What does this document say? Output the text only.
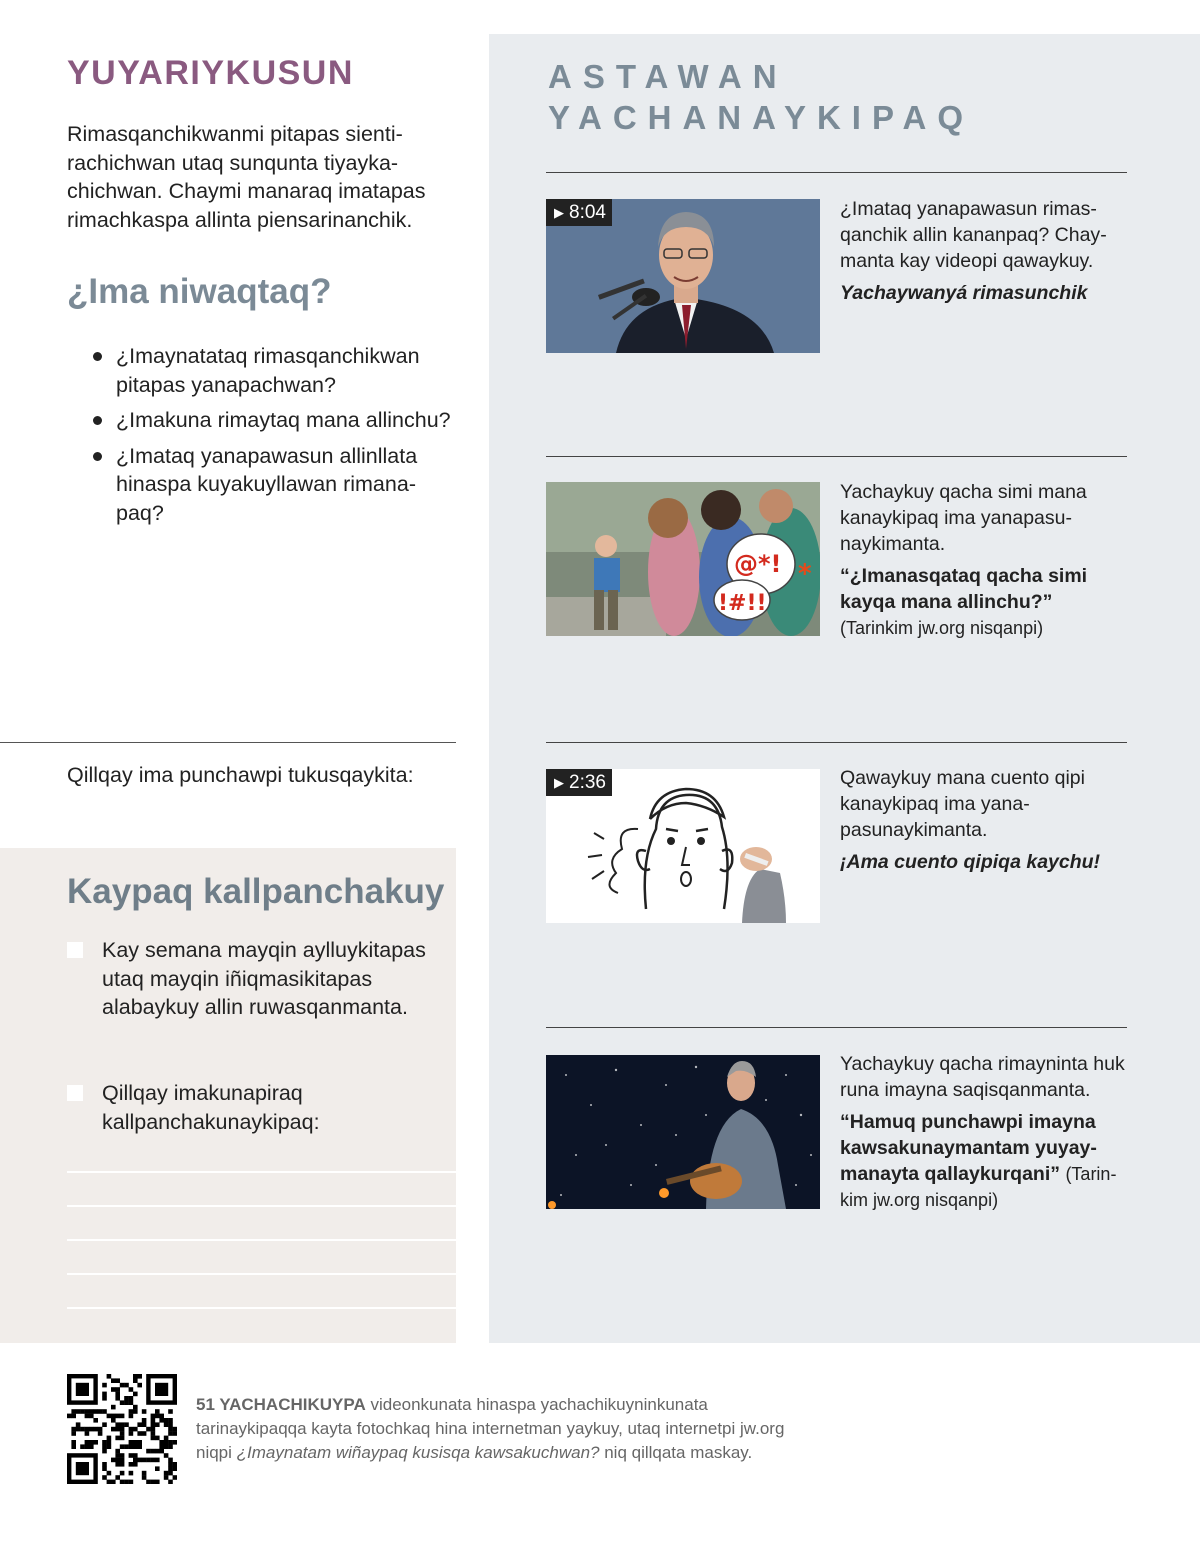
YUYARIYKUSUN

Rimasqanchikwanmi pitapas sientirachichwan utaq sunqunta tiyaykachichwan. Chaymi manaraq imatapas rimachkaspa allinta piensarinanchik.

¿Ima niwaqtaq?
¿Imaynatataq rimasqanchikwan pitapas yanapachwan?
¿Imakuna rimaytaq mana allinchu?
¿Imataq yanapawasun allinllata hinaspa kuyakuyllawan rimanapaq?
Qillqay ima punchawpi tukusqaykita:
Kaypaq kallpanchakuy
Kay semana mayqin aylluykitapas utaq mayqin iñiqmasikitapas alabaykuy allin ruwasqanmanta.
Qillqay imakunapiraq kallpanchakunaykipaq:
ASTAWAN
YACHANAYKIPAQ
▶ 8:04	¿Imataq yanapawasun rimasqanchik allin kananpaq? Chaymanta kay videopi qawaykuy.

Yachaywanyá rimasunchik

@*!
!#!!
*

Yachaykuy qacha simi mana kanaykipaq ima yanapasunaykimanta.

“¿Imanasqataq qacha simi kayqa mana allinchu?”
(Tarinkim jw.org nisqanpi)

▶ 2:36	Qawaykuy mana cuento qipi kanaykipaq ima yanapasunaykimanta.

¡Ama cuento qipiqa kaychu!

Yachaykuy qacha rimayninta huk runa imayna saqisqanmanta.

“Hamuq punchawpi imayna kawsakunaymantam yuyaymanayta qallaykurqani” (Tarinkim jw.org nisqanpi)

51 YACHACHIKUYPA videonkunata hinaspa yachachikuyninkunata tarinaykipaqqa kayta fotochkaq hina internetman yaykuy, utaq internetpi jw.org niqpi ¿Imaynatam wiñaypaq kusisqa kawsakuchwan? niq qillqata maskay.
